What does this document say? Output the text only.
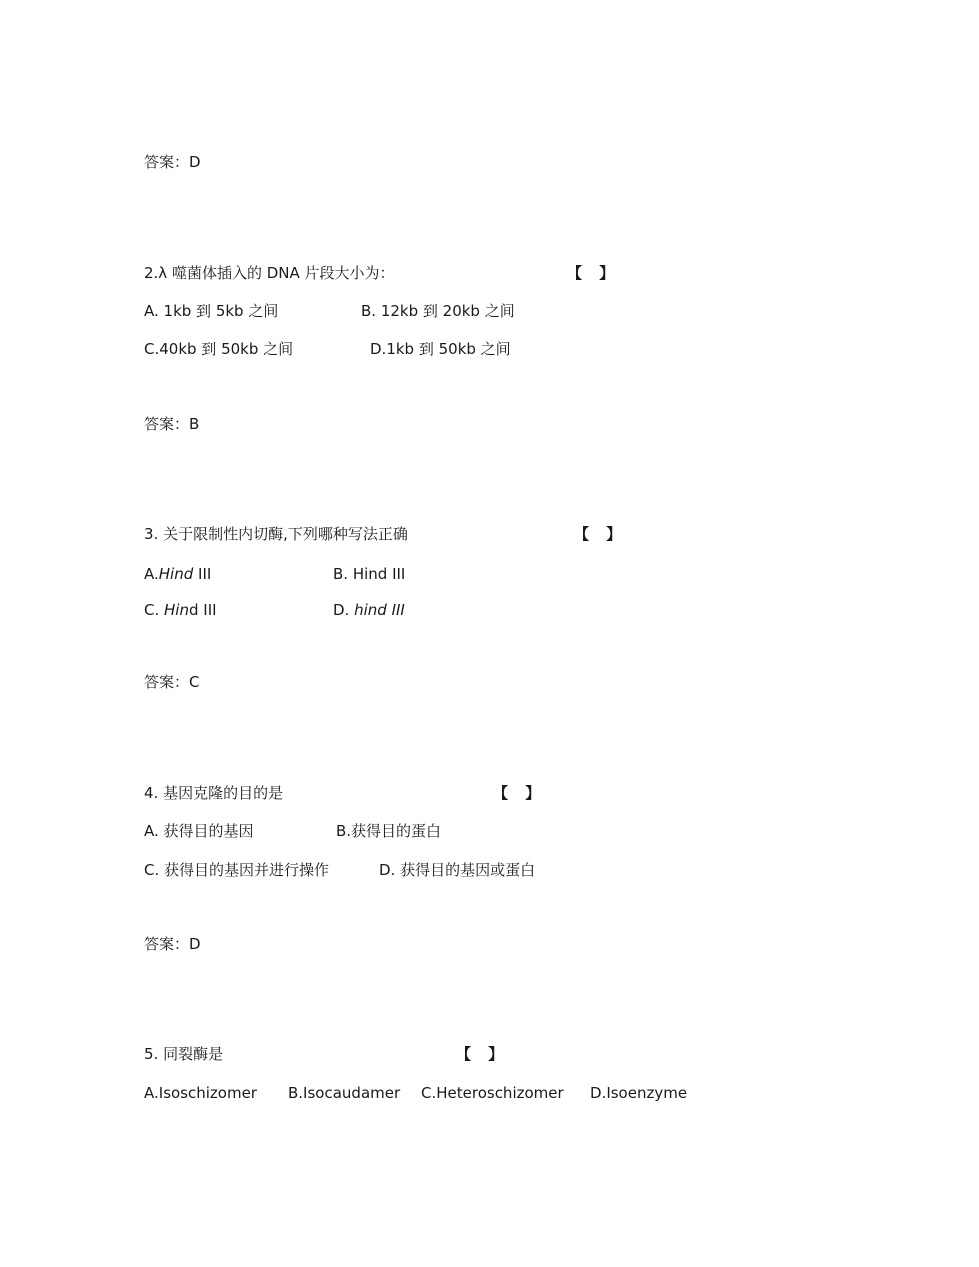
答案：D
2.λ 噬菌体插入的 DNA 片段大小为：	【 】
A. 1kb 到 5kb 之间	B. 12kb 到 20kb 之间
C.40kb 到 50kb 之间	D.1kb 到 50kb 之间
答案：B
3. 关于限制性内切酶,下列哪种写法正确	【 】
A.Hind III	B. Hind III
C. Hind III	D. hind III
答案：C
4. 基因克隆的目的是	【 】
A. 获得目的基因	B.获得目的蛋白
C. 获得目的基因并进行操作	D. 获得目的基因或蛋白
答案：D
5. 同裂酶是	【 】
A.Isoschizomer B.Isocaudamer C.Heteroschizomer D.Isoenzyme
